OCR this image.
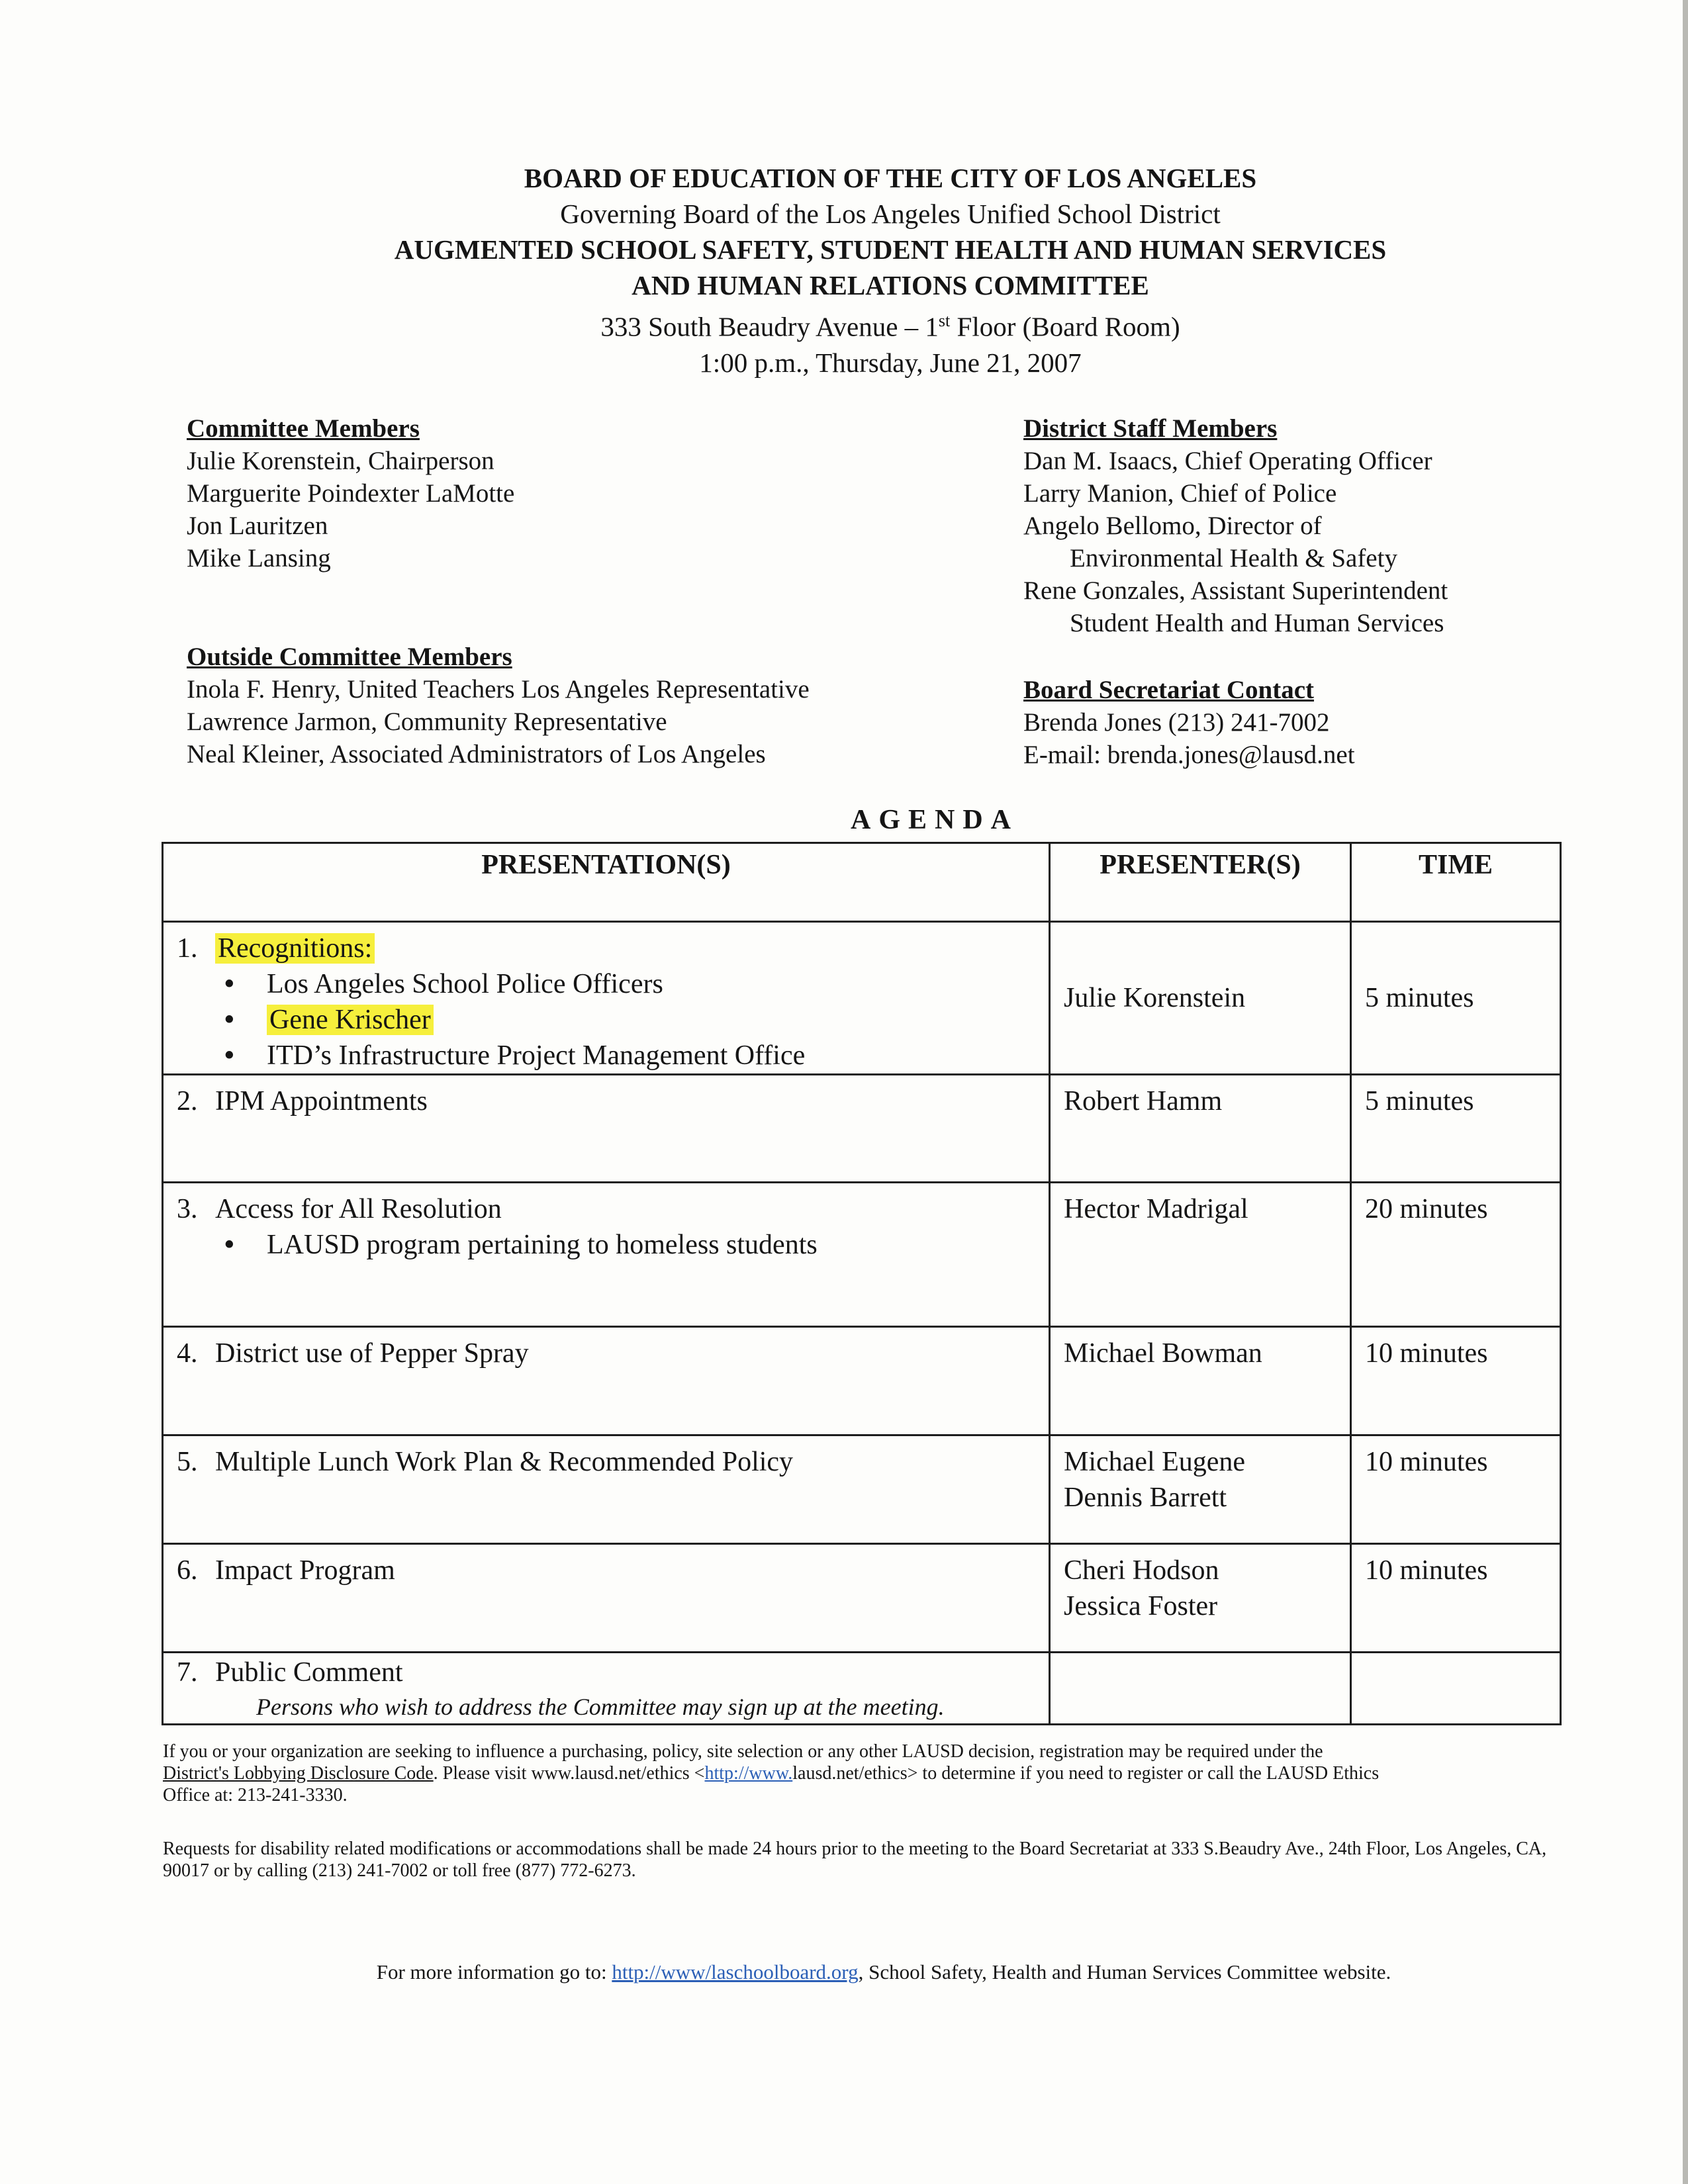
BOARD OF EDUCATION OF THE CITY OF LOS ANGELES
Governing Board of the Los Angeles Unified School District
AUGMENTED SCHOOL SAFETY, STUDENT HEALTH AND HUMAN SERVICES
AND HUMAN RELATIONS COMMITTEE
333 South Beaudry Avenue – 1st Floor (Board Room)
1:00 p.m., Thursday, June 21, 2007

Committee Members

Julie Korenstein, Chairperson

Marguerite Poindexter LaMotte

Jon Lauritzen

Mike Lansing

Outside Committee Members

Inola F. Henry, United Teachers Los Angeles Representative

Lawrence Jarmon, Community Representative

Neal Kleiner, Associated Administrators of Los Angeles

District Staff Members

Dan M. Isaacs, Chief Operating Officer

Larry Manion, Chief of Police

Angelo Bellomo, Director of

Environmental Health & Safety

Rene Gonzales, Assistant Superintendent

Student Health and Human Services

Board Secretariat Contact

Brenda Jones (213) 241-7002

E-mail: brenda.jones@lausd.net

AGENDA
PRESENTATION(S)	PRESENTER(S)	TIME

1. Recognitions:
• Los Angeles School Police Officers
• Gene Krischer
• ITD’s Infrastructure Project Management Office	Julie Korenstein	5 minutes

2. IPM Appointments	Robert Hamm	5 minutes

3. Access for All Resolution
• LAUSD program pertaining to homeless students	Hector Madrigal	20 minutes

4. District use of Pepper Spray	Michael Bowman	10 minutes

5. Multiple Lunch Work Plan & Recommended Policy	Michael Eugene
Dennis Barrett	10 minutes

6. Impact Program	Cheri Hodson
Jessica Foster	10 minutes

7. Public Comment
Persons who wish to address the Committee may sign up at the meeting.		

If you or your organization are seeking to influence a purchasing, policy, site selection or any other LAUSD decision, registration may be required under the
District's Lobbying Disclosure Code. Please visit www.lausd.net/ethics <http://www.lausd.net/ethics> to determine if you need to register or call the LAUSD Ethics
Office at: 213-241-3330.
Requests for disability related modifications or accommodations shall be made 24 hours prior to the meeting to the Board Secretariat at 333 S.Beaudry Ave., 24th Floor, Los Angeles, CA, 90017 or by calling (213) 241-7002 or toll free (877) 772-6273.
For more information go to: http://www/laschoolboard.org, School Safety, Health and Human Services Committee website.
